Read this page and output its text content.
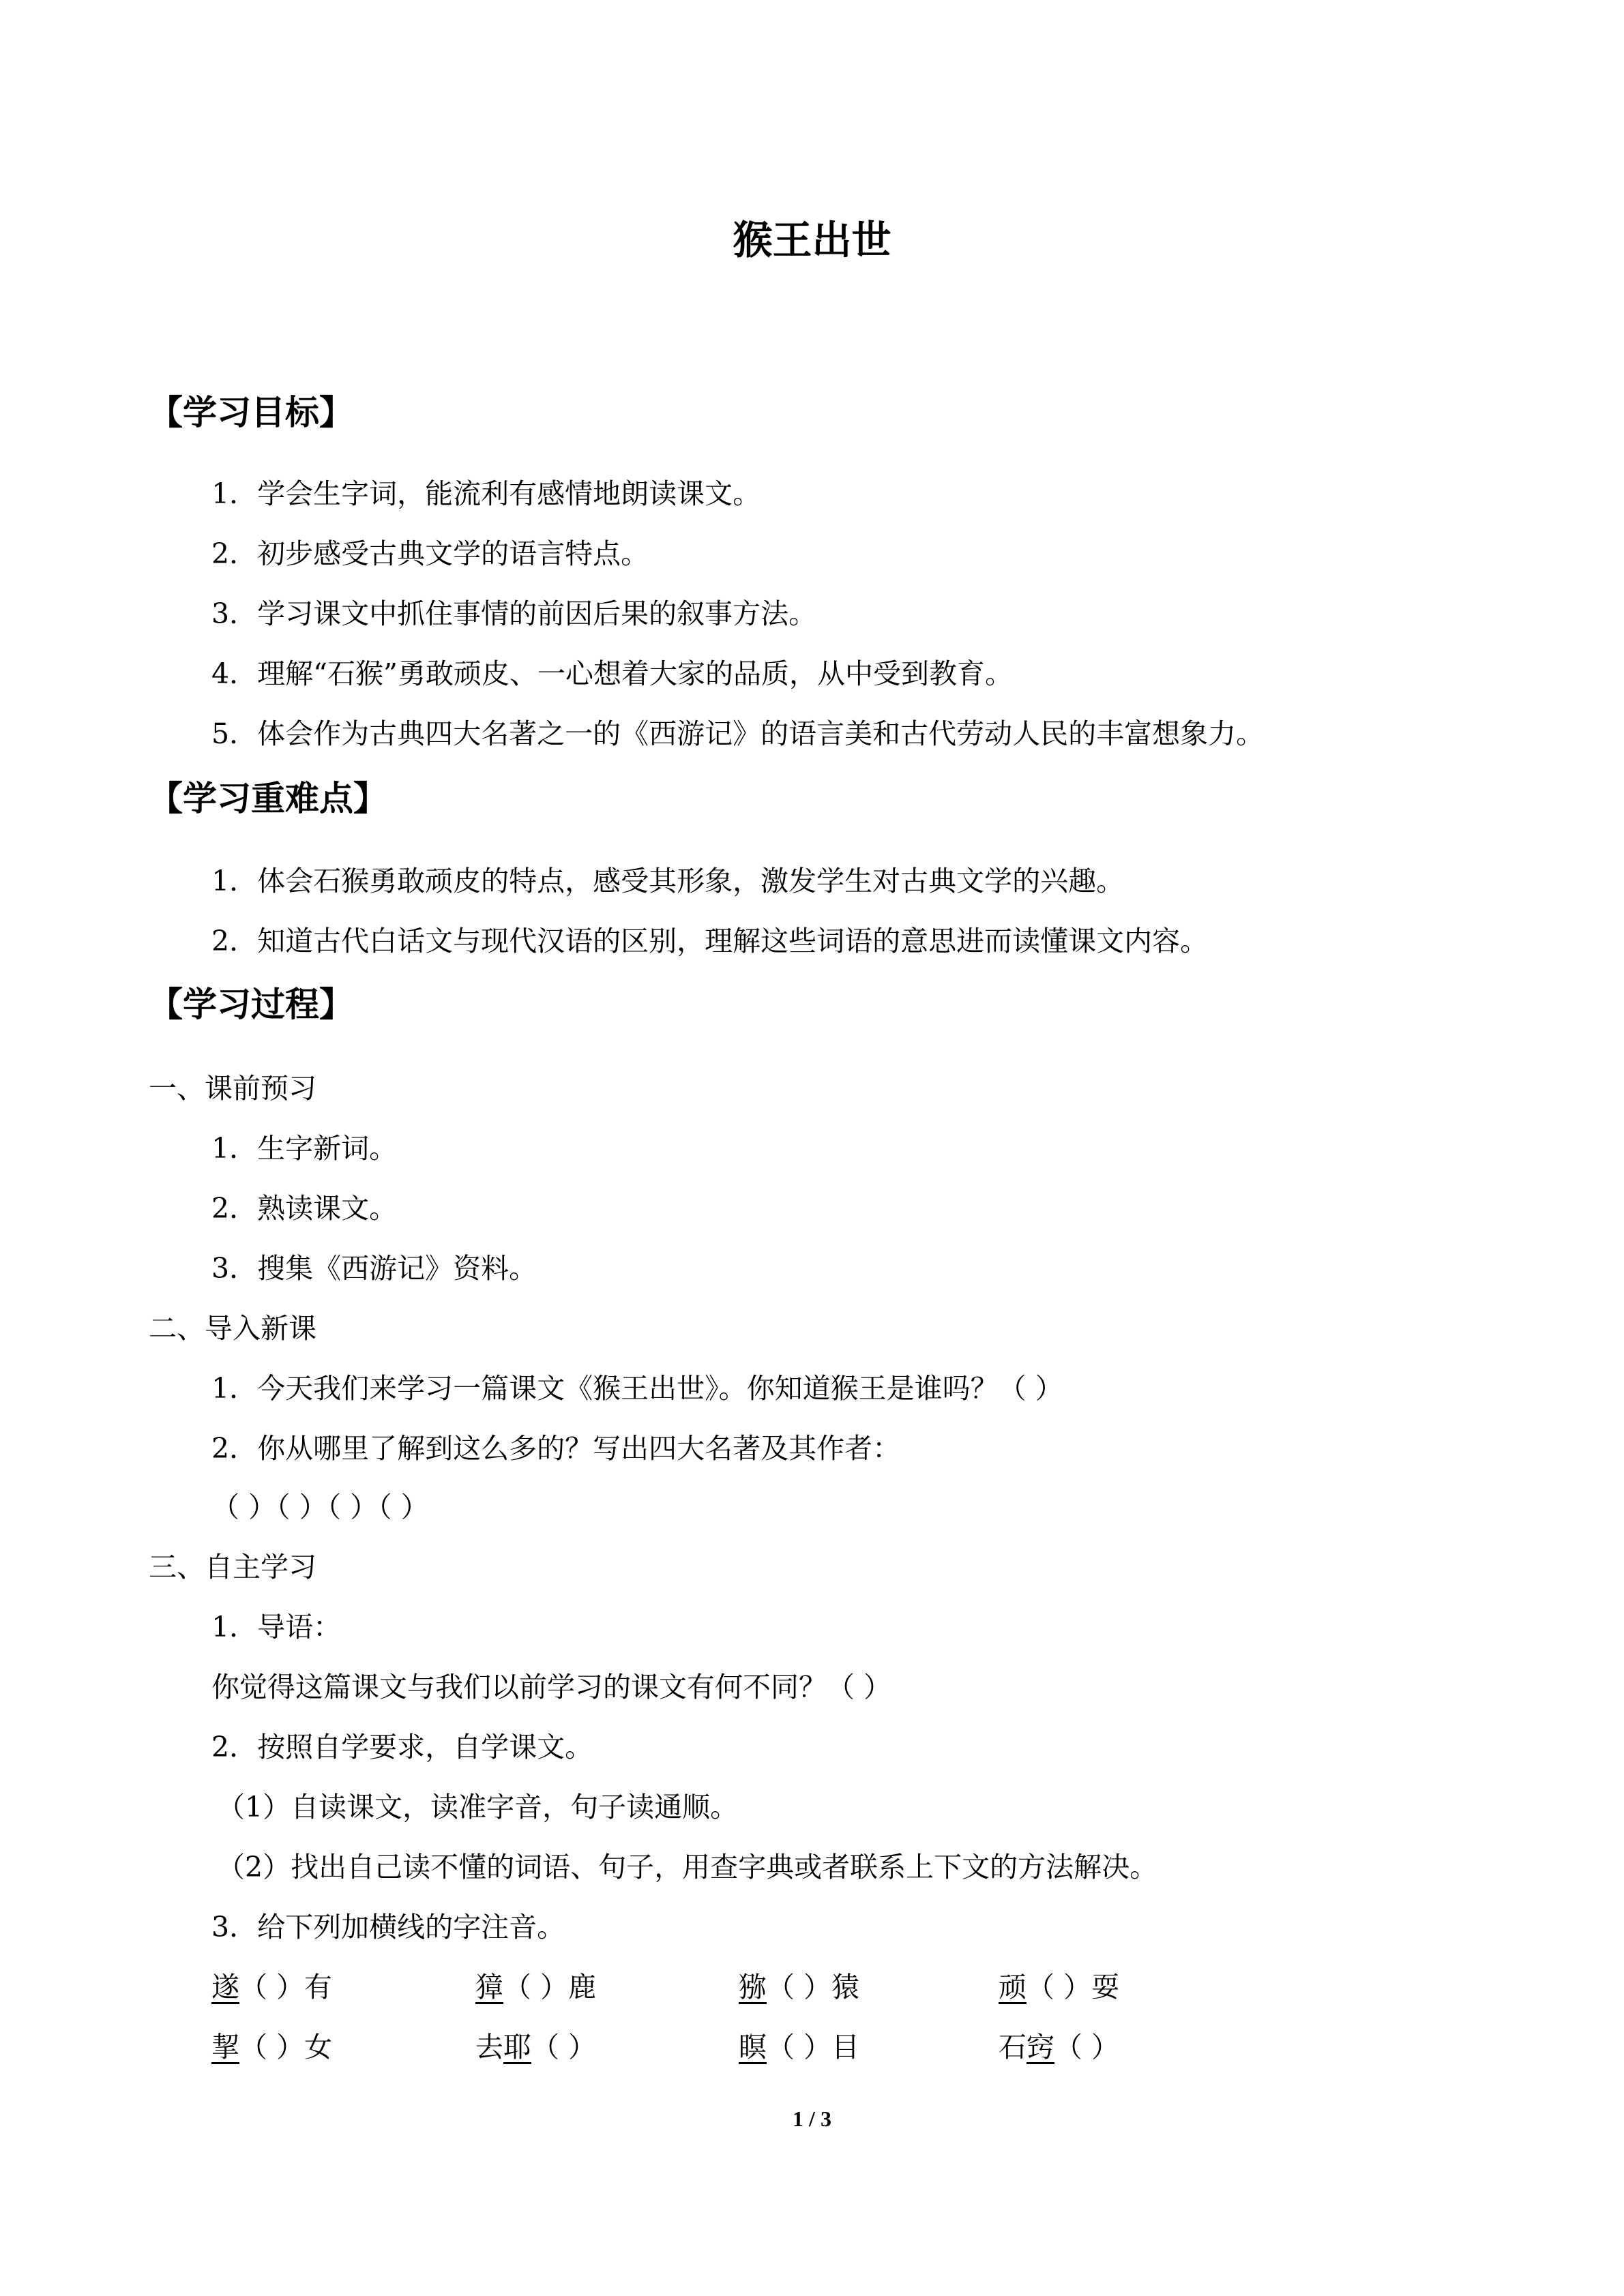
猴王出世
【学习目标】
1．学会生字词，能流利有感情地朗读课文。
2．初步感受古典文学的语言特点。
3．学习课文中抓住事情的前因后果的叙事方法。
4．理解“石猴”勇敢顽皮、一心想着大家的品质，从中受到教育。
5．体会作为古典四大名著之一的《西游记》的语言美和古代劳动人民的丰富想象力。
【学习重难点】
1．体会石猴勇敢顽皮的特点，感受其形象，激发学生对古典文学的兴趣。
2．知道古代白话文与现代汉语的区别，理解这些词语的意思进而读懂课文内容。
【学习过程】
一、课前预习
1．生字新词。
2．熟读课文。
3．搜集《西游记》资料。
二、导入新课
1．今天我们来学习一篇课文《猴王出世》。你知道猴王是谁吗？（ ）
2．你从哪里了解到这么多的？写出四大名著及其作者：
（ ）（ ）（ ）（ ）
三、自主学习
1．导语：
你觉得这篇课文与我们以前学习的课文有何不同？（ ）
2．按照自学要求，自学课文。
（1）自读课文，读准字音，句子读通顺。
（2）找出自己读不懂的词语、句子，用查字典或者联系上下文的方法解决。
3．给下列加横线的字注音。
遂（ ）有	獐（ ）鹿	猕（ ）猿	顽（ ）耍
挈（ ）女	去耶（ ）	瞑（ ）目	石窍（ ）
1 / 3
